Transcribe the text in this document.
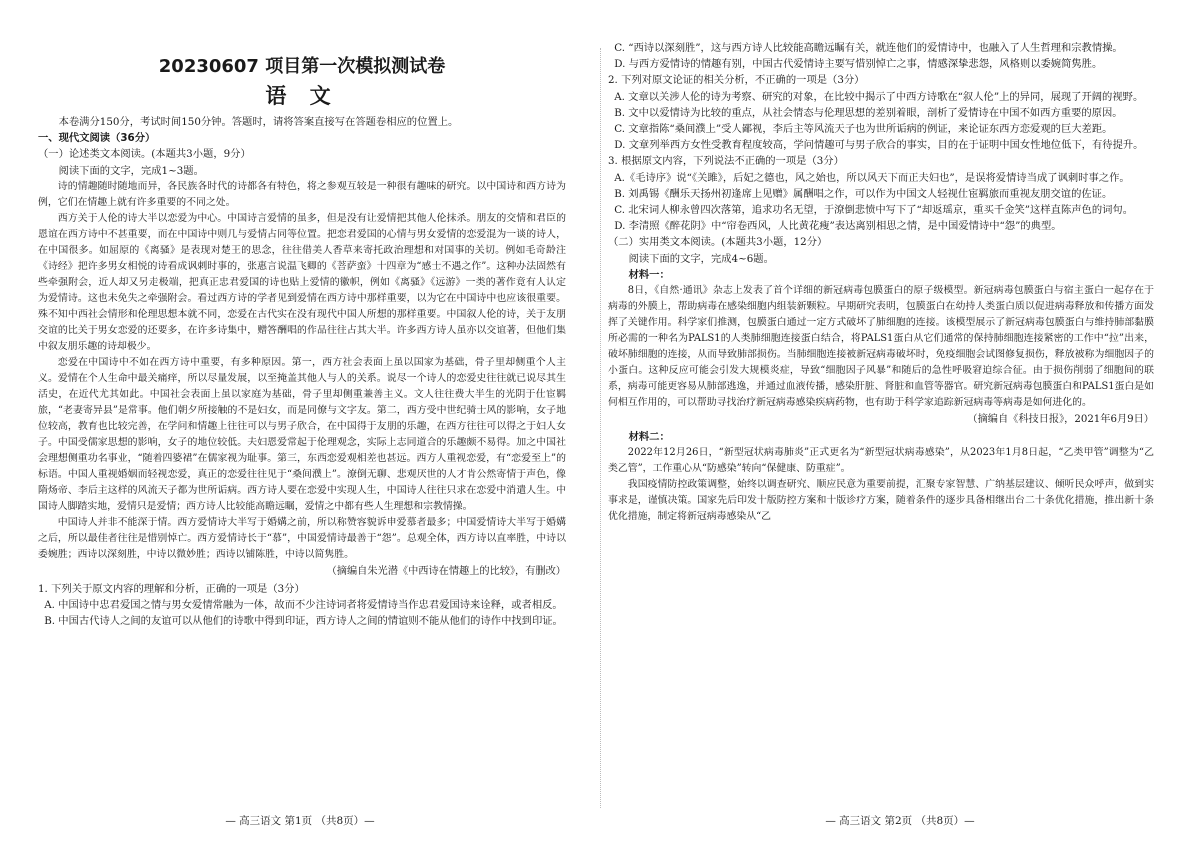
20230607 项目第一次模拟测试卷
语 文

本卷满分150分，考试时间150分钟。答题时，请将答案直接写在答题卷相应的位置上。

一、现代文阅读（36分）

（一）论述类文本阅读。(本题共3小题，9分）

阅读下面的文字，完成1~3题。

诗的情趣随时随地而异，各民族各时代的诗都各有特色，将之参观互较是一种很有趣味的研究。以中国诗和西方诗为例，它们在情趣上就有许多重要的不同之处。

西方关于人伦的诗大半以恋爱为中心。中国诗言爱情的虽多，但是没有让爱情把其他人伦抹杀。朋友的交情和君臣的恩谊在西方诗中不甚重要，而在中国诗中则几与爱情占同等位置。把恋君爱国的心情与男女爱情的恋爱混为一谈的诗人，在中国很多。如屈原的《离骚》是表现对楚王的思念，往往借美人香草来寄托政治理想和对国事的关切。例如毛奇龄注《诗经》把许多男女相悦的诗看成讽刺时事的，张惠言说温飞卿的《菩萨蛮》十四章为“感士不遇之作”。这种办法固然有些牵强附会，近人却又另走极端，把真正忠君爱国的诗也贴上爱情的徽帜，例如《离骚》《远游》一类的著作竟有人认定为爱情诗。这也未免失之牵强附会。看过西方诗的学者见到爱情在西方诗中那样重要，以为它在中国诗中也应该很重要。殊不知中西社会情形和伦理思想本就不同，恋爱在古代实在没有现代中国人所想的那样重要。中国叙人伦的诗，关于友朋交谊的比关于男女恋爱的还要多，在许多诗集中，赠答酬唱的作品往往占其大半。许多西方诗人虽亦以交谊著，但他们集中叙友朋乐趣的诗却极少。

恋爱在中国诗中不如在西方诗中重要，有多种原因。第一，西方社会表面上虽以国家为基础，骨子里却侧重个人主义。爱情在个人生命中最关痛痒，所以尽量发展，以至掩盖其他人与人的关系。说尽一个诗人的恋爱史往往就已说尽其生活史，在近代尤其如此。中国社会表面上虽以家庭为基础，骨子里却侧重兼善主义。文人往往费大半生的光阴于仕宦羁旅，“老妻寄异县”是常事。他们朝夕所接触的不是妇女，而是同僚与文字友。第二，西方受中世纪骑士风的影响，女子地位较高，教育也比较完善，在学问和情趣上往往可以与男子欣合，在中国得于友朋的乐趣，在西方往往可以得之于妇人女子。中国受儒家思想的影响，女子的地位较低。夫妇恩爱常起于伦理观念，实际上志同道合的乐趣颇不易得。加之中国社会理想侧重功名事业，“随着四婆裙”在儒家视为耻事。第三，东西恋爱观相差也甚远。西方人重视恋爱，有“恋爱至上”的标语。中国人重视婚姻而轻视恋爱，真正的恋爱往往见于“桑间濮上”。潦倒无聊、悲观厌世的人才肯公然寄情于声色，像隋炀帝、李后主这样的风流天子都为世所诟病。西方诗人要在恋爱中实现人生，中国诗人往往只求在恋爱中消遣人生。中国诗人脚踏实地，爱情只是爱情；西方诗人比较能高瞻远瞩，爱情之中都有些人生理想和宗教情操。

中国诗人并非不能深于情。西方爱情诗大半写于婚媾之前，所以称赞容貌诉申爱慕者最多；中国爱情诗大半写于婚媾之后，所以最佳者往往是惜别悼亡。西方爱情诗长于“慕”，中国爱情诗最善于“怨”。总观全体，西方诗以直率胜，中诗以委婉胜；西诗以深刻胜，中诗以微妙胜；西诗以铺陈胜，中诗以简隽胜。

（摘编自朱光潜《中西诗在情趣上的比较》，有删改）

1. 下列关于原文内容的理解和分析，正确的一项是（3分）

A. 中国诗中忠君爱国之情与男女爱情常融为一体，故而不少注诗词者将爱情诗当作忠君爱国诗来诠释，或者相反。

B. 中国古代诗人之间的友谊可以从他们的诗歌中得到印证，西方诗人之间的情谊则不能从他们的诗作中找到印证。

C. “西诗以深刻胜”，这与西方诗人比较能高瞻远瞩有关，就连他们的爱情诗中，也融入了人生哲理和宗教情操。

D. 与西方爱情诗的情趣有别，中国古代爱情诗主要写惜别悼亡之事，情感深挚悲怨，风格则以委婉简隽胜。

2. 下列对原文论证的相关分析，不正确的一项是（3分）

A. 文章以关涉人伦的诗为考察、研究的对象，在比较中揭示了中西方诗歌在“叙人伦”上的异同，展现了开阔的视野。

B. 文中以爱情诗为比较的重点，从社会情态与伦理思想的差别着眼，剖析了爱情诗在中国不如西方重要的原因。

C. 文章指陈“桑间濮上”受人鄙视，李后主等风流天子也为世所诟病的例证，来论证东西方恋爱观的巨大差距。

D. 文章列举西方女性受教育程度较高，学问情趣可与男子欣合的事实，目的在于证明中国女性地位低下，有待提升。

3. 根据原文内容，下列说法不正确的一项是（3分）

A.《毛诗序》说“《关雎》，后妃之德也，风之始也，所以风天下而正夫妇也”，是误将爱情诗当成了讽刺时事之作。

B. 刘禹锡《酬乐天扬州初逢席上见赠》属酬唱之作，可以作为中国文人轻视仕宦羁旅而重视友朋交谊的佐证。

C. 北宋词人柳永曾四次落第，追求功名无望，于潦倒悲愤中写下了“却返瑶京，重买千金笑”这样直陈声色的词句。

D. 李清照《醉花阴》中“帘卷西风，人比黄花瘦”表达离别相思之情，是中国爱情诗中“怨”的典型。

（二）实用类文本阅读。(本题共3小题，12分）

阅读下面的文字，完成4~6题。

材料一：

8日，《自然·通讯》杂志上发表了首个详细的新冠病毒包膜蛋白的原子级模型。新冠病毒包膜蛋白与宿主蛋白一起存在于病毒的外膜上，帮助病毒在感染细胞内组装新颗粒。早期研究表明，包膜蛋白在幼持人类蛋白质以促进病毒释放和传播方面发挥了关键作用。科学家们推测，包膜蛋白通过一定方式破坏了肺细胞的连接。该模型展示了新冠病毒包膜蛋白与维持肺部黏膜所必需的一种名为PALS1的人类肺细胞连接蛋白结合，将PALS1蛋白从它们通常的保持肺细胞连接紧密的工作中“拉”出来，破坏肺细胞的连接，从而导致肺部损伤。当肺细胞连接被新冠病毒破坏时，免疫细胞会试图修复损伤，释放被称为细胞因子的小蛋白。这种反应可能会引发大规模炎症，导致“细胞因子风暴”和随后的急性呼吸窘迫综合征。由于损伤削弱了细胞间的联系，病毒可能更容易从肺部逃逸，并通过血液传播，感染肝脏、肾脏和血管等器官。研究新冠病毒包膜蛋白和PALS1蛋白是如何相互作用的，可以帮助寻找治疗新冠病毒感染疾病药物，也有助于科学家追踪新冠病毒等病毒是如何进化的。

（摘编自《科技日报》，2021年6月9日）

材料二：

2022年12月26日，“新型冠状病毒肺炎”正式更名为“新型冠状病毒感染”，从2023年1月8日起，“乙类甲管”调整为“乙类乙管”，工作重心从“防感染”转向“保健康、防重症”。

我国疫情防控政策调整，始终以调查研究、顺应民意为重要前提，汇聚专家智慧、广纳基层建议、倾听民众呼声，做到实事求是，谨慎决策。国家先后印发十版防控方案和十版诊疗方案，随着条件的逐步具备相继出台二十条优化措施，推出新十条优化措施，制定将新冠病毒感染从“乙

— 高三语文 第1页 （共8页）—	— 高三语文 第2页 （共8页）—
